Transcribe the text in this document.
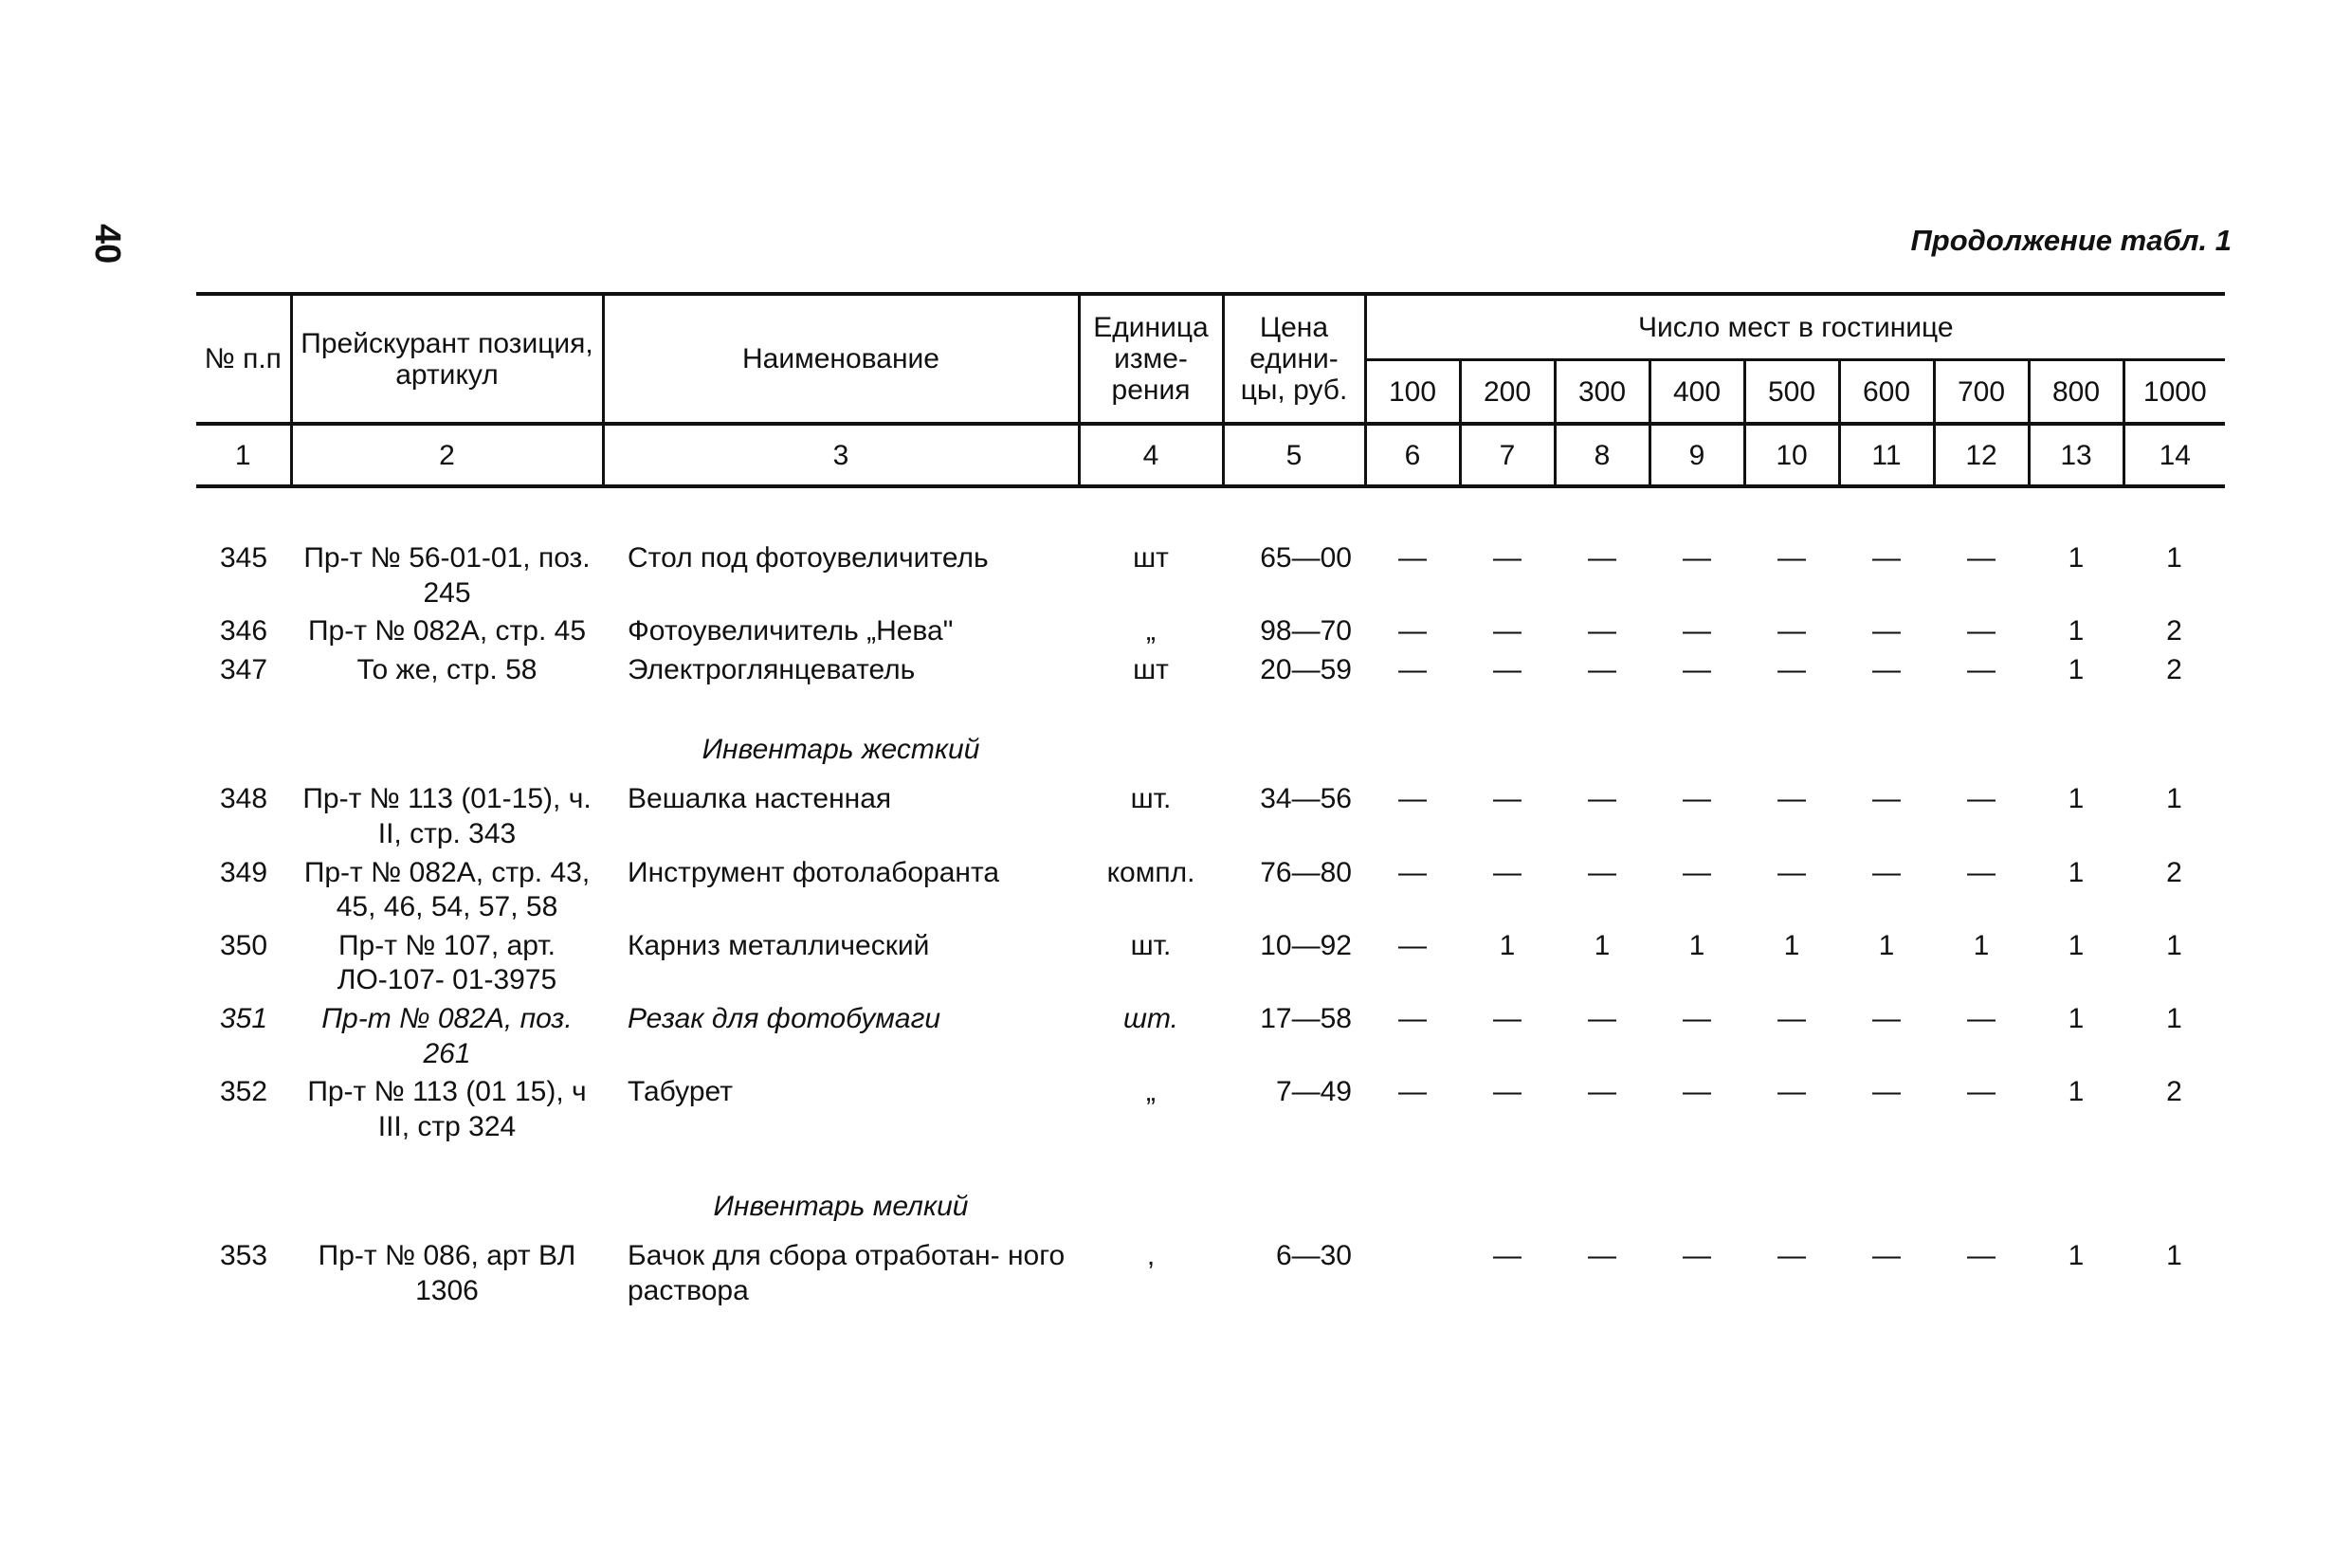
40	Продолжение табл. 1
№ п.п	Прейскурант позиция, артикул	Наименование	Единица изме- рения	Цена едини- цы, руб.	Число мест в гостинице								
					100	200	300	400	500	600	700	800	1000
1	2	3	4	5	6	7	8	9	10	11	12	13	14

345	Пр-т № 56-01-01, поз. 245	Стол под фотоувеличитель	шт	65—00	—	—	—	—	—	—	—	1	1
346	Пр-т № 082А, стр. 45	Фотоувеличитель „Нева"	„	98—70	—	—	—	—	—	—	—	1	2
347	То же, стр. 58	Электроглянцеватель	шт	20—59	—	—	—	—	—	—	—	1	2
		Инвентарь жесткий											
348	Пр-т № 113 (01-15), ч. II, стр. 343	Вешалка настенная	шт.	34—56	—	—	—	—	—	—	—	1	1
349	Пр-т № 082А, стр. 43, 45, 46, 54, 57, 58	Инструмент фотолаборанта	компл.	76—80	—	—	—	—	—	—	—	1	2
350	Пр-т № 107, арт. ЛО-107- 01-3975	Карниз металлический	шт.	10—92	—	1	1	1	1	1	1	1	1
351	Пр-т № 082А, поз. 261	Резак для фотобумаги	шт.	17—58	—	—	—	—	—	—	—	1	1
352	Пр-т № 113 (01 15), ч III, стр 324	Табурет	„	7—49	—	—	—	—	—	—	—	1	2
		Инвентарь мелкий											
353	Пр-т № 086, арт ВЛ 1306	Бачок для сбора отработан- ного раствора	,	6—30		—	—	—	—	—	—	1	1
